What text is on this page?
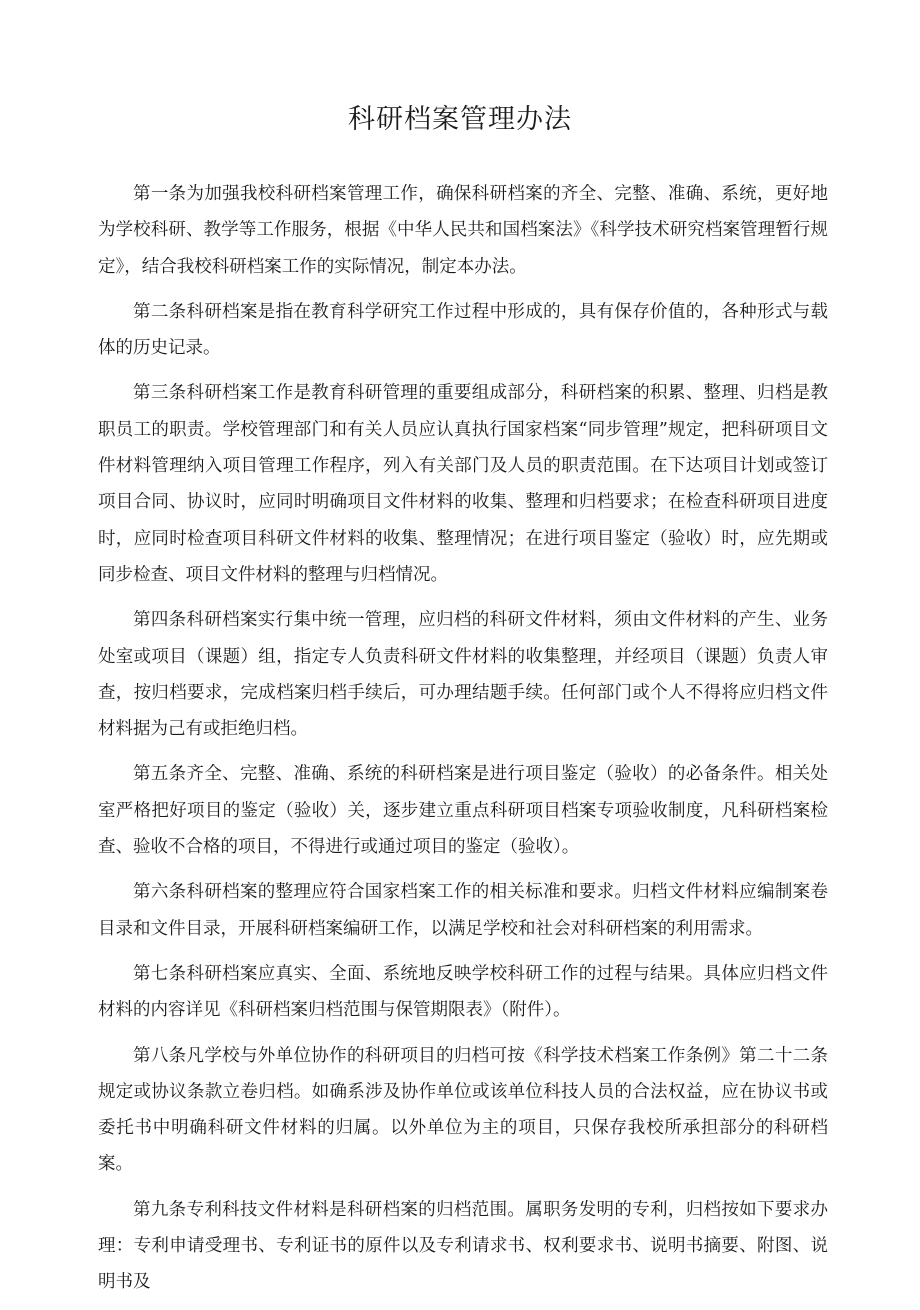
科研档案管理办法

第一条为加强我校科研档案管理工作，确保科研档案的齐全、完整、准确、系统，更好地为学校科研、教学等工作服务，根据《中华人民共和国档案法》《科学技术研究档案管理暂行规定》，结合我校科研档案工作的实际情况，制定本办法。

第二条科研档案是指在教育科学研究工作过程中形成的，具有保存价值的，各种形式与载体的历史记录。

第三条科研档案工作是教育科研管理的重要组成部分，科研档案的积累、整理、归档是教职员工的职责。学校管理部门和有关人员应认真执行国家档案“同步管理”规定，把科研项目文件材料管理纳入项目管理工作程序，列入有关部门及人员的职责范围。在下达项目计划或签订项目合同、协议时，应同时明确项目文件材料的收集、整理和归档要求；在检查科研项目进度时，应同时检查项目科研文件材料的收集、整理情况；在进行项目鉴定（验收）时，应先期或同步检查、项目文件材料的整理与归档情况。

第四条科研档案实行集中统一管理，应归档的科研文件材料，须由文件材料的产生、业务处室或项目（课题）组，指定专人负责科研文件材料的收集整理，并经项目（课题）负责人审查，按归档要求，完成档案归档手续后，可办理结题手续。任何部门或个人不得将应归档文件材料据为己有或拒绝归档。

第五条齐全、完整、准确、系统的科研档案是进行项目鉴定（验收）的必备条件。相关处室严格把好项目的鉴定（验收）关，逐步建立重点科研项目档案专项验收制度，凡科研档案检查、验收不合格的项目，不得进行或通过项目的鉴定（验收）。

第六条科研档案的整理应符合国家档案工作的相关标准和要求。归档文件材料应编制案卷目录和文件目录，开展科研档案编研工作，以满足学校和社会对科研档案的利用需求。

第七条科研档案应真实、全面、系统地反映学校科研工作的过程与结果。具体应归档文件材料的内容详见《科研档案归档范围与保管期限表》（附件）。

第八条凡学校与外单位协作的科研项目的归档可按《科学技术档案工作条例》第二十二条规定或协议条款立卷归档。如确系涉及协作单位或该单位科技人员的合法权益，应在协议书或委托书中明确科研文件材料的归属。以外单位为主的项目，只保存我校所承担部分的科研档案。

第九条专利科技文件材料是科研档案的归档范围。属职务发明的专利，归档按如下要求办理：专利申请受理书、专利证书的原件以及专利请求书、权利要求书、说明书摘要、附图、说明书及
